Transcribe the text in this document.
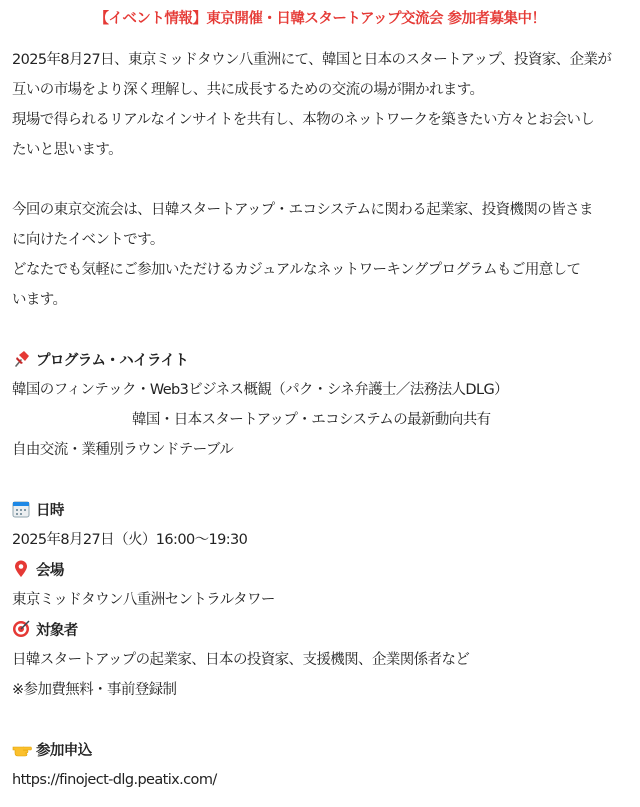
【イベント情報】東京開催・日韓スタートアップ交流会 参加者募集中！
2025年8月27日、東京ミッドタウン八重洲にて、韓国と日本のスタートアップ、投資家、企業が
互いの市場をより深く理解し、共に成長するための交流の場が開かれます。
現場で得られるリアルなインサイトを共有し、本物のネットワークを築きたい方々とお会いし
たいと思います。
今回の東京交流会は、日韓スタートアップ・エコシステムに関わる起業家、投資機関の皆さま
に向けたイベントです。
どなたでも気軽にご参加いただけるカジュアルなネットワーキングプログラムもご用意して
います。
プログラム・ハイライト
韓国のフィンテック・Web3ビジネス概観（パク・シネ弁護士／法務法人DLG）
韓国・日本スタートアップ・エコシステムの最新動向共有
自由交流・業種別ラウンドテーブル
日時
2025年8月27日（火）16:00〜19:30
会場
東京ミッドタウン八重洲セントラルタワー
対象者
日韓スタートアップの起業家、日本の投資家、支援機関、企業関係者など
※参加費無料・事前登録制
参加申込
https://finoject-dlg.peatix.com/
